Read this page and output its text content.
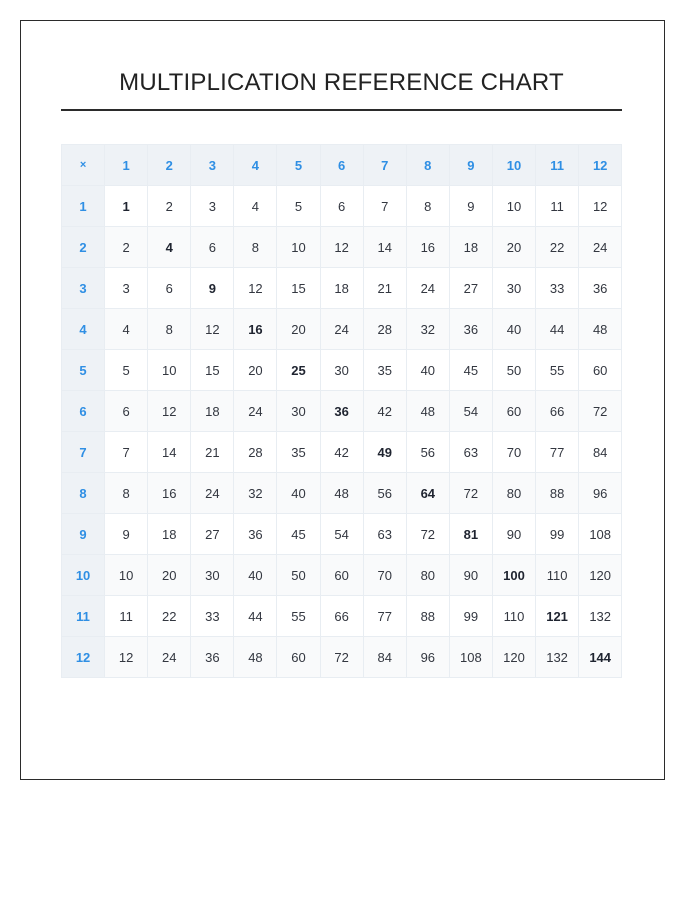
MULTIPLICATION REFERENCE CHART
×	1	2	3	4	5	6	7	8	9	10	11	12
1	1	2	3	4	5	6	7	8	9	10	11	12
2	2	4	6	8	10	12	14	16	18	20	22	24
3	3	6	9	12	15	18	21	24	27	30	33	36
4	4	8	12	16	20	24	28	32	36	40	44	48
5	5	10	15	20	25	30	35	40	45	50	55	60
6	6	12	18	24	30	36	42	48	54	60	66	72
7	7	14	21	28	35	42	49	56	63	70	77	84
8	8	16	24	32	40	48	56	64	72	80	88	96
9	9	18	27	36	45	54	63	72	81	90	99	108
10	10	20	30	40	50	60	70	80	90	100	110	120
11	11	22	33	44	55	66	77	88	99	110	121	132
12	12	24	36	48	60	72	84	96	108	120	132	144
